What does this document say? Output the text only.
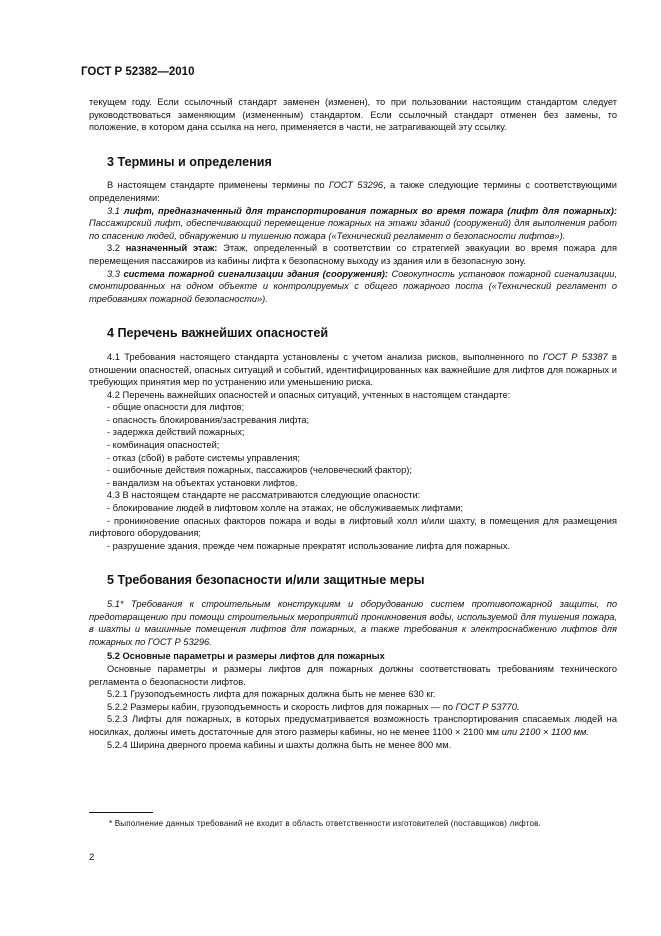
ГОСТ Р 52382—2010

текущем году. Если ссылочный стандарт заменен (изменен), то при пользовании настоящим стандартом следует руководствоваться заменяющим (измененным) стандартом. Если ссылочный стандарт отменен без замены, то положение, в котором дана ссылка на него, применяется в части, не затрагивающей эту ссылку.

3 Термины и определения

В настоящем стандарте применены термины по ГОСТ 53296, а также следующие термины с соответствующими определениями:

3.1 лифт, предназначенный для транспортирования пожарных во время пожара (лифт для пожарных): Пассажирский лифт, обеспечивающий перемещение пожарных на этажи зданий (сооружений) для выполнения работ по спасению людей, обнаружению и тушению пожара («Технический регламент о безопасности лифтов»).

3.2 назначенный этаж: Этаж, определенный в соответствии со стратегией эвакуации во время пожара для перемещения пассажиров из кабины лифта к безопасному выходу из здания или в безопасную зону.

3.3 система пожарной сигнализации здания (сооружения): Совокупность установок пожарной сигнализации, смонтированных на одном объекте и контролируемых с общего пожарного поста («Технический регламент о требованиях пожарной безопасности»).

4 Перечень важнейших опасностей

4.1 Требования настоящего стандарта установлены с учетом анализа рисков, выполненного по ГОСТ Р 53387 в отношении опасностей, опасных ситуаций и событий, идентифицированных как важнейшие для лифтов для пожарных и требующих принятия мер по устранению или уменьшению риска.

4.2 Перечень важнейших опасностей и опасных ситуаций, учтенных в настоящем стандарте:

- общие опасности для лифтов;

- опасность блокирования/застревания лифта;

- задержка действий пожарных;

- комбинация опасностей;

- отказ (сбой) в работе системы управления;

- ошибочные действия пожарных, пассажиров (человеческий фактор);

- вандализм на объектах установки лифтов.

4.3 В настоящем стандарте не рассматриваются следующие опасности:

- блокирование людей в лифтовом холле на этажах, не обслуживаемых лифтами;

- проникновение опасных факторов пожара и воды в лифтовый холл и/или шахту, в помещения для размещения лифтового оборудования;

- разрушение здания, прежде чем пожарные прекратят использование лифта для пожарных.

5 Требования безопасности и/или защитные меры

5.1* Требования к строительным конструкциям и оборудованию систем противопожарной защиты, по предотвращению при помощи строительных мероприятий проникновения воды, используемой для тушения пожара, в шахты и машинные помещения лифтов для пожарных, а также требования к электроснабжению лифтов для пожарных по ГОСТ Р 53296.

5.2 Основные параметры и размеры лифтов для пожарных

Основные параметры и размеры лифтов для пожарных должны соответствовать требованиям технического регламента о безопасности лифтов.

5.2.1 Грузоподъемность лифта для пожарных должна быть не менее 630 кг.

5.2.2 Размеры кабин, грузоподъемность и скорость лифтов для пожарных — по ГОСТ Р 53770.

5.2.3 Лифты для пожарных, в которых предусматривается возможность транспортирования спасаемых людей на носилках, должны иметь достаточные для этого размеры кабины, но не менее 1100 × 2100 мм или 2100 × 1100 мм.

5.2.4 Ширина дверного проема кабины и шахты должна быть не менее 800 мм.

* Выполнение данных требований не входит в область ответственности изготовителей (поставщиков) лифтов.
2
